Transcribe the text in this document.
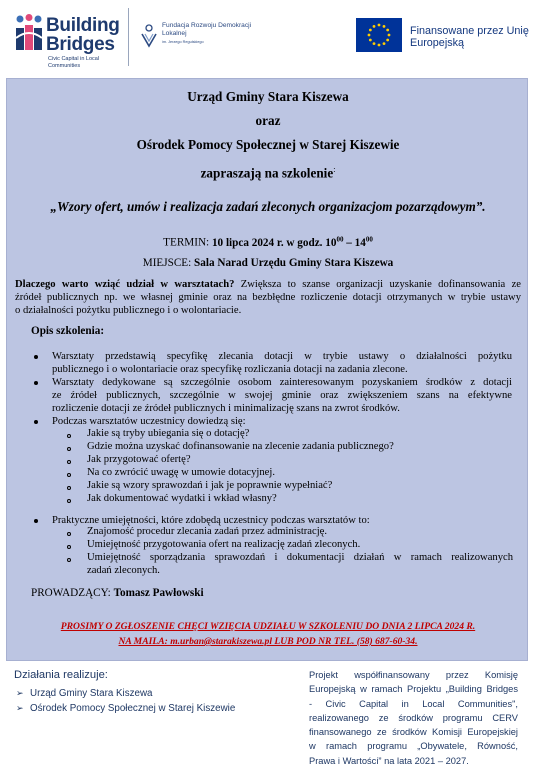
Building
Bridges
Civic Capital in Local Communities
Fundacja Rozwoju Demokracji Lokalnej
im. Jerzego Regulskiego
Finansowane przez Unię Europejską
Urząd Gminy Stara Kiszewa
oraz
Ośrodek Pomocy Społecznej w Starej Kiszewie
zapraszają na szkolenie:
„Wzory ofert, umów i realizacja zadań zleconych organizacjom pozarządowym”.
TERMIN: 10 lipca 2024 r. w godz. $10^{00} - 14^{00}$
MIEJSCE: Sala Narad Urzędu Gminy Stara Kiszewa
Dlaczego warto wziąć udział w warsztatach? Zwiększa to szanse organizacji uzyskanie dofinansowania ze
źródeł publicznych np. we własnej gminie oraz na bezbłędne rozliczenie dotacji otrzymanych w trybie ustawy
o działalności pożytku publicznego i o wolontariacie.
Opis szkolenia:
Warsztaty przedstawią specyfikę zlecania dotacji w trybie ustawy o działalności pożytku
publicznego i o wolontariacie oraz specyfikę rozliczania dotacji na zadania zlecone.
Warsztaty dedykowane są szczególnie osobom zainteresowanym pozyskaniem środków z dotacji
ze źródeł publicznych, szczególnie w swojej gminie oraz zwiększeniem szans na efektywne
rozliczenie dotacji ze źródeł publicznych i minimalizację szans na zwrot środków.
Podczas warsztatów uczestnicy dowiedzą się:
Jakie są tryby ubiegania się o dotację?
Gdzie można uzyskać dofinansowanie na zlecenie zadania publicznego?
Jak przygotować ofertę?
Na co zwrócić uwagę w umowie dotacyjnej.
Jakie są wzory sprawozdań i jak je poprawnie wypełniać?
Jak dokumentować wydatki i wkład własny?
Praktyczne umiejętności, które zdobędą uczestnicy podczas warsztatów to:
Znajomość procedur zlecania zadań przez administrację.
Umiejętność przygotowania ofert na realizację zadań zleconych.
Umiejętność sporządzania sprawozdań i dokumentacji działań w ramach realizowanych
zadań zleconych.
PROWADZĄCY: Tomasz Pawłowski
PROSIMY O ZGŁOSZENIE CHĘCI WZIĘCIA UDZIAŁU W SZKOLENIU DO DNIA 2 LIPCA 2024 R.
NA MAILA: m.urban@starakiszewa.pl LUB POD NR TEL. (58) 687-60-34.
Działania realizuje:
➢ Urząd Gminy Stara Kiszewa
➢ Ośrodek Pomocy Społecznej w Starej Kiszewie
Projekt współfinansowany przez Komisję
Europejską w ramach Projektu „Building Bridges
- Civic Capital in Local Communities",
realizowanego ze środków programu CERV
finansowanego ze środków Komisji Europejskiej
w ramach programu „Obywatele, Równość,
Prawa i Wartości” na lata 2021 – 2027.
